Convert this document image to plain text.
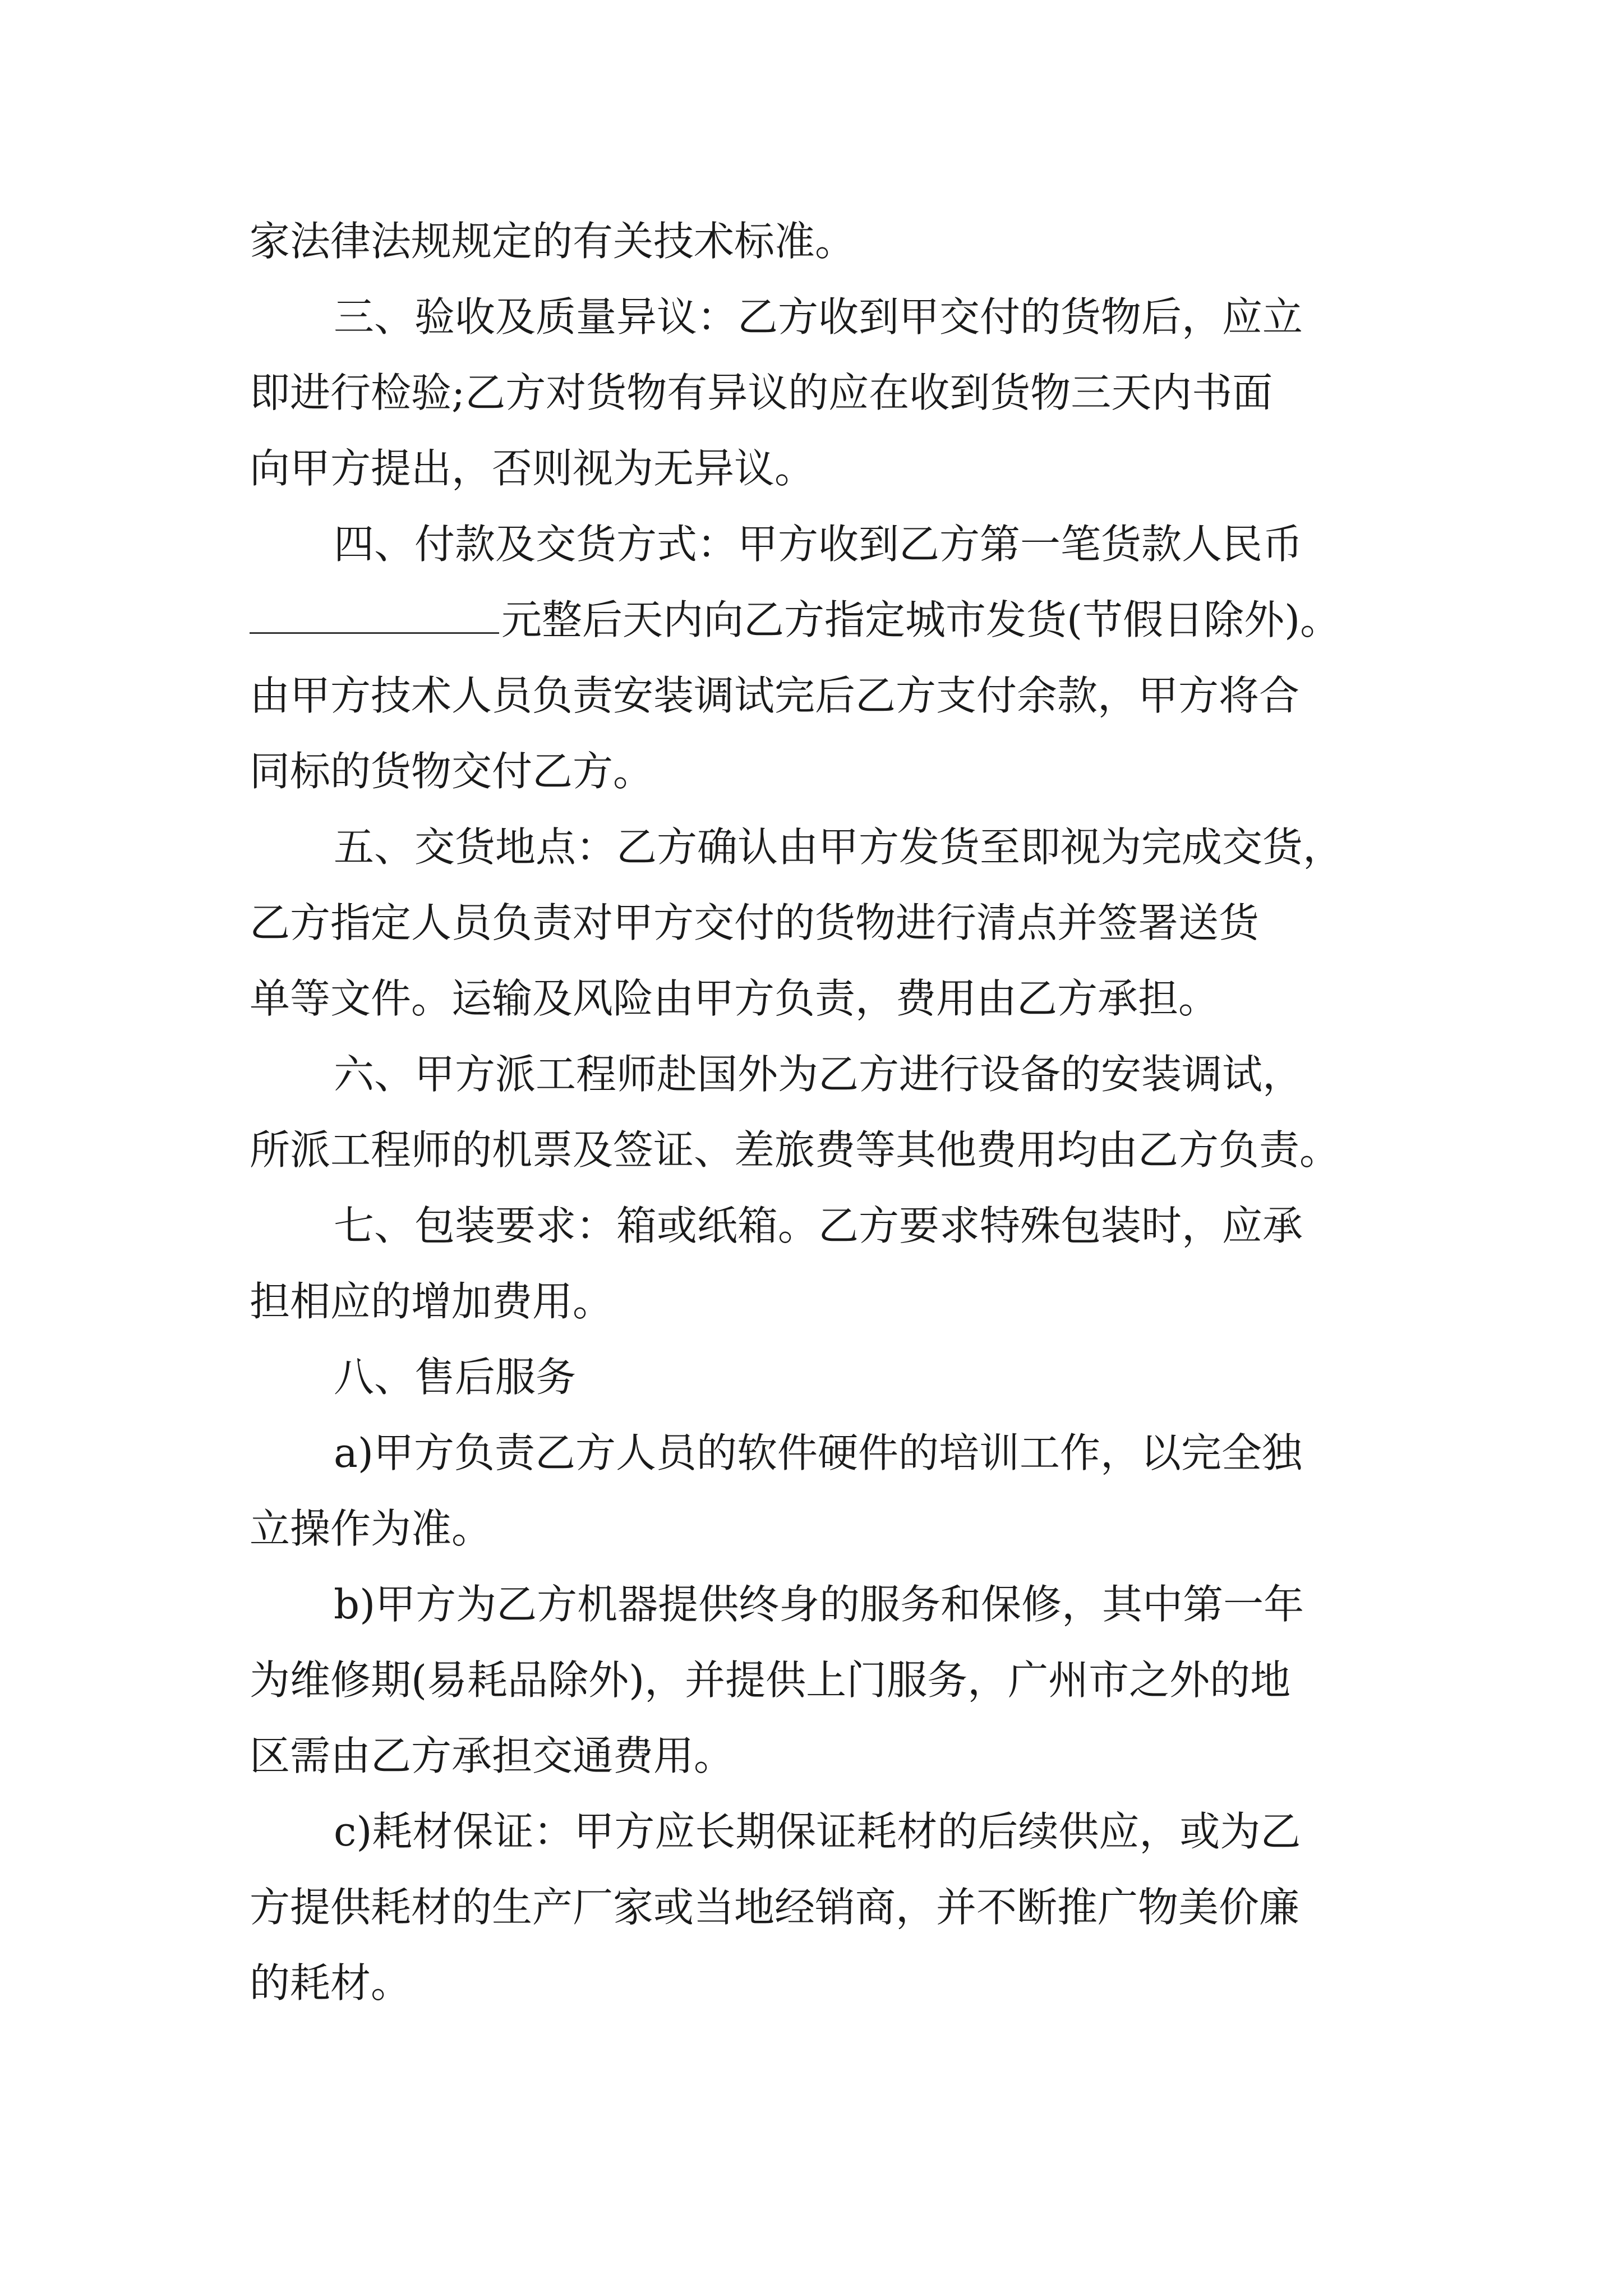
家法律法规规定的有关技术标准。
三、验收及质量异议：乙方收到甲交付的货物后，应立
即进行检验;乙方对货物有异议的应在收到货物三天内书面
向甲方提出，否则视为无异议。
四、付款及交货方式：甲方收到乙方第一笔货款人民币
元整后天内向乙方指定城市发货(节假日除外)。
由甲方技术人员负责安装调试完后乙方支付余款，甲方将合
同标的货物交付乙方。
五、交货地点：乙方确认由甲方发货至即视为完成交货，
乙方指定人员负责对甲方交付的货物进行清点并签署送货
单等文件。运输及风险由甲方负责，费用由乙方承担。
六、甲方派工程师赴国外为乙方进行设备的安装调试，
所派工程师的机票及签证、差旅费等其他费用均由乙方负责。
七、包装要求：箱或纸箱。乙方要求特殊包装时，应承
担相应的增加费用。
八、售后服务
a)甲方负责乙方人员的软件硬件的培训工作，以完全独
立操作为准。
b)甲方为乙方机器提供终身的服务和保修，其中第一年
为维修期(易耗品除外)，并提供上门服务，广州市之外的地
区需由乙方承担交通费用。
c)耗材保证：甲方应长期保证耗材的后续供应，或为乙
方提供耗材的生产厂家或当地经销商，并不断推广物美价廉
的耗材。
